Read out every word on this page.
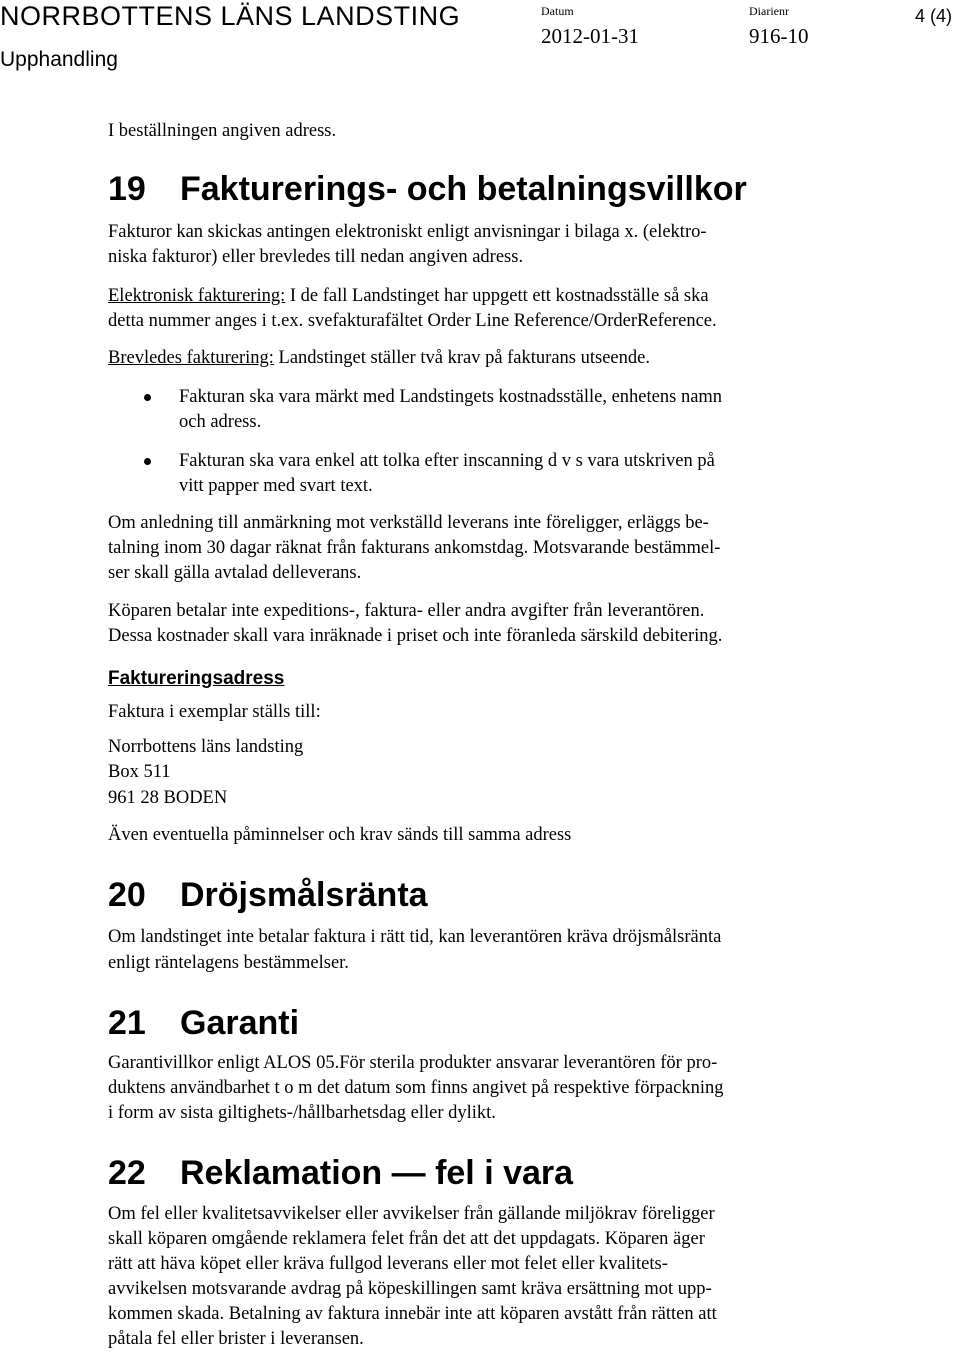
NORRBOTTENS LÄNS LANDSTING
Upphandling
Datum
2012-01-31
Diarienr
916-10
4 (4)
I beställningen angiven adress.
19 Fakturerings- och betalningsvillkor
Fakturor kan skickas antingen elektroniskt enligt anvisningar i bilaga x. (elektro-
niska fakturor) eller brevledes till nedan angiven adress.
Elektronisk fakturering: I de fall Landstinget har uppgett ett kostnadsställe så ska
detta nummer anges i t.ex. svefakturafältet Order Line Reference/OrderReference.
Brevledes fakturering: Landstinget ställer två krav på fakturans utseende.
Fakturan ska vara märkt med Landstingets kostnadsställe, enhetens namn
och adress.
Fakturan ska vara enkel att tolka efter inscanning d v s vara utskriven på
vitt papper med svart text.
Om anledning till anmärkning mot verkställd leverans inte föreligger, erläggs be-
talning inom 30 dagar räknat från fakturans ankomstdag. Motsvarande bestämmel-
ser skall gälla avtalad delleverans.
Köparen betalar inte expeditions-, faktura- eller andra avgifter från leverantören.
Dessa kostnader skall vara inräknade i priset och inte föranleda särskild debitering.
Faktureringsadress
Faktura i exemplar ställs till:
Norrbottens läns landsting
Box 511
961 28 BODEN
Även eventuella påminnelser och krav sänds till samma adress
20 Dröjsmålsränta
Om landstinget inte betalar faktura i rätt tid, kan leverantören kräva dröjsmålsränta
enligt räntelagens bestämmelser.
21 Garanti
Garantivillkor enligt ALOS 05.För sterila produkter ansvarar leverantören för pro-
duktens användbarhet t o m det datum som finns angivet på respektive förpackning
i form av sista giltighets-/hållbarhetsdag eller dylikt.
22 Reklamation — fel i vara
Om fel eller kvalitetsavvikelser eller avvikelser från gällande miljökrav föreligger
skall köparen omgående reklamera felet från det att det uppdagats. Köparen äger
rätt att häva köpet eller kräva fullgod leverans eller mot felet eller kvalitets-
avvikelsen motsvarande avdrag på köpeskillingen samt kräva ersättning mot upp-
kommen skada. Betalning av faktura innebär inte att köparen avstått från rätten att
påtala fel eller brister i leveransen.
